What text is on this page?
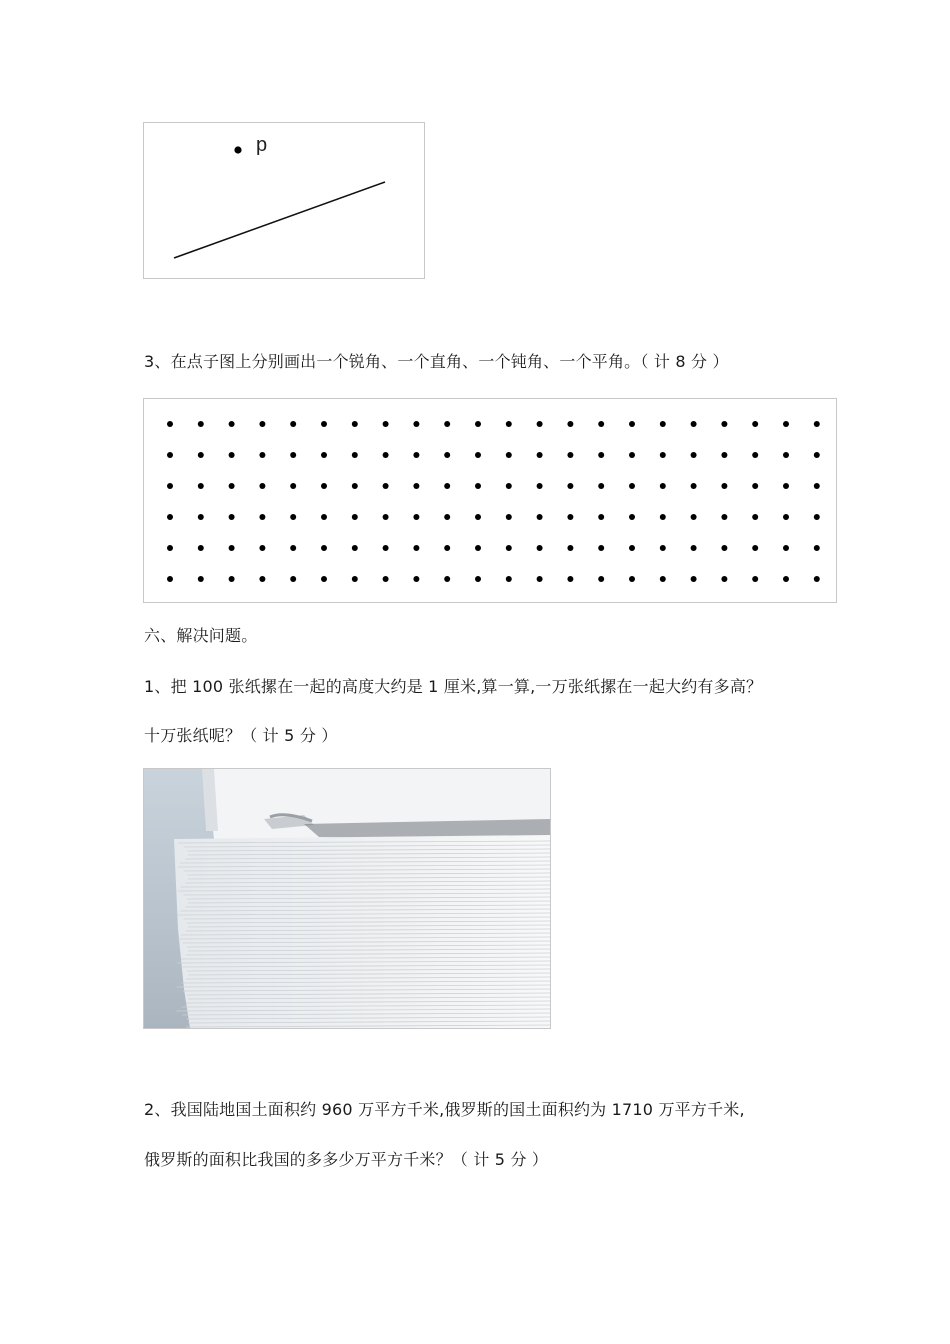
p
3、在点子图上分别画出一个锐角、一个直角、一个钝角、一个平角。（ 计 8 分 ）
六、解决问题。
1、把 100 张纸摞在一起的高度大约是 1 厘米,算一算,一万张纸摞在一起大约有多高？
十万张纸呢？（ 计 5 分 ）
2、我国陆地国土面积约 960 万平方千米,俄罗斯的国土面积约为 1710 万平方千米,
俄罗斯的面积比我国的多多少万平方千米？（ 计 5 分 ）
